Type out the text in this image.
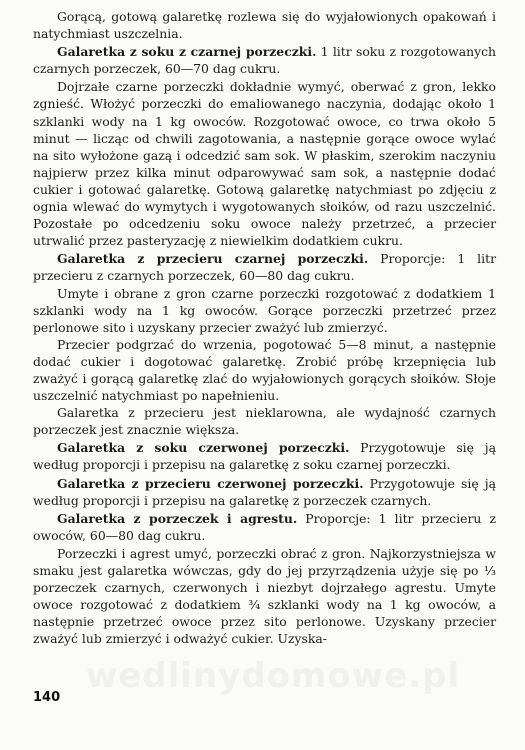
wedlinydomowe.pl

Gorącą, gotową galaretkę rozlewa się do wyjałowionych opakowań i natychmiast uszczelnia.

Galaretka z soku z czarnej porzeczki. 1 litr soku z rozgotowanych czarnych porzeczek, 60—70 dag cukru.

Dojrzałe czarne porzeczki dokładnie wymyć, oberwać z gron, lekko zgnieść. Włożyć porzeczki do emaliowanego naczynia, dodając około 1 szklanki wody na 1 kg owoców. Rozgotować owoce, co trwa około 5 minut — licząc od chwili zagotowania, a następnie gorące owoce wylać na sito wyłożone gazą i odcedzić sam sok. W płaskim, szerokim naczyniu najpierw przez kilka minut odparowywać sam sok, a następnie dodać cukier i gotować galaretkę. Gotową galaretkę natychmiast po zdjęciu z ognia wlewać do wymytych i wygotowanych słoików, od razu uszczelnić. Pozostałe po odcedzeniu soku owoce należy przetrzeć, a przecier utrwalić przez pasteryzację z niewielkim dodatkiem cukru.

Galaretka z przecieru czarnej porzeczki. Proporcje: 1 litr przecieru z czarnych porzeczek, 60—80 dag cukru.

Umyte i obrane z gron czarne porzeczki rozgotować z dodatkiem 1 szklanki wody na 1 kg owoców. Gorące porzeczki przetrzeć przez perlonowe sito i uzyskany przecier zważyć lub zmierzyć.

Przecier podgrzać do wrzenia, pogotować 5—8 minut, a następnie dodać cukier i dogotować galaretkę. Zrobić próbę krzepnięcia lub zważyć i gorącą galaretkę zlać do wyjałowionych gorących słoików. Słoje uszczelnić natychmiast po napełnieniu.

Galaretka z przecieru jest nieklarowna, ale wydajność czarnych porzeczek jest znacznie większa.

Galaretka z soku czerwonej porzeczki. Przygotowuje się ją według proporcji i przepisu na galaretkę z soku czarnej porzeczki.

Galaretka z przecieru czerwonej porzeczki. Przygotowuje się ją według proporcji i przepisu na galaretkę z porzeczek czarnych.

Galaretka z porzeczek i agrestu. Proporcje: 1 litr przecieru z owoców, 60—80 dag cukru.

Porzeczki i agrest umyć, porzeczki obrać z gron. Najkorzystniejsza w smaku jest galaretka wówczas, gdy do jej przyrządzenia użyje się po ⅓ porzeczek czarnych, czerwonych i niezbyt dojrzałego agrestu. Umyte owoce rozgotować z dodatkiem ¾ szklanki wody na 1 kg owoców, a następnie przetrzeć owoce przez sito perlonowe. Uzyskany przecier zważyć lub zmierzyć i odważyć cukier. Uzyska-

140
